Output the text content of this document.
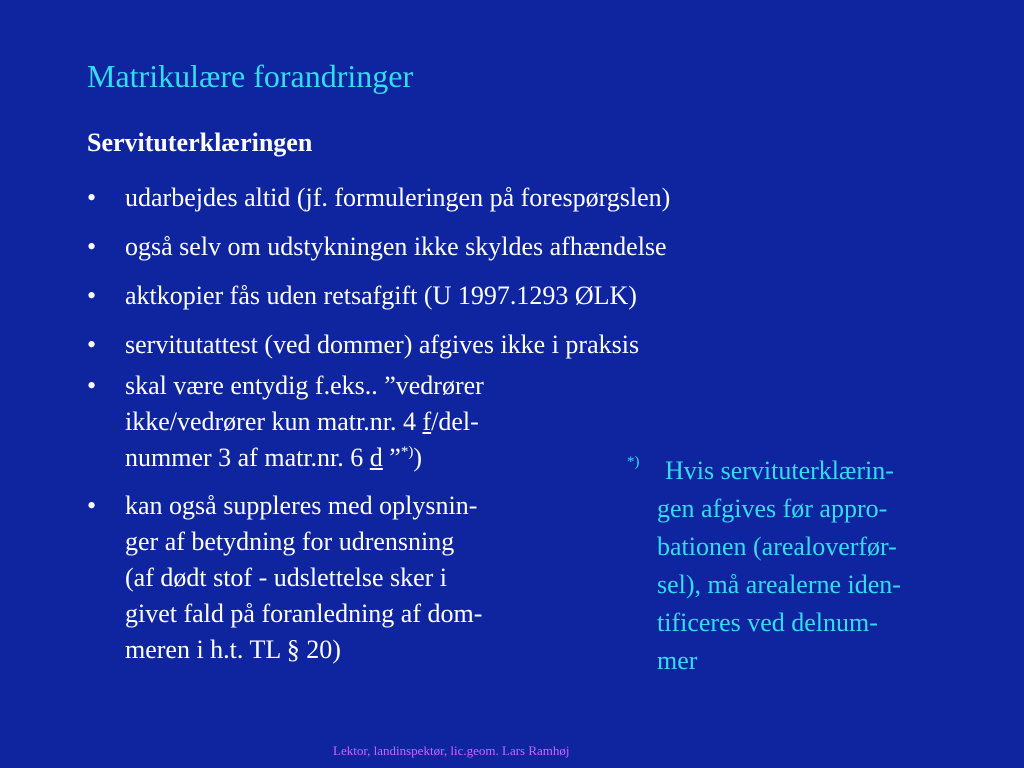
Matrikulære forandringer
Servituterklæringen
•	udarbejdes altid (jf. formuleringen på forespørgslen)
•	også selv om udstykningen ikke skyldes afhændelse
•	aktkopier fås uden retsafgift (U 1997.1293 ØLK)
•	servitutattest (ved dommer) afgives ikke i praksis
•	skal være entydig f.eks.. ”vedrører
ikke/vedrører kun matr.nr. 4 f/del-
nummer 3 af matr.nr. 6 d ”*))
•	kan også suppleres med oplysnin-
ger af betydning for udrensning
(af dødt stof - udslettelse sker i
givet fald på foranledning af dom-
meren i h.t. TL § 20)
*) Hvis servituterklærin-
gen afgives før appro-
bationen (arealoverfør-
sel), må arealerne iden-
tificeres ved delnum-
mer
Lektor, landinspektør, lic.geom. Lars Ramhøj
